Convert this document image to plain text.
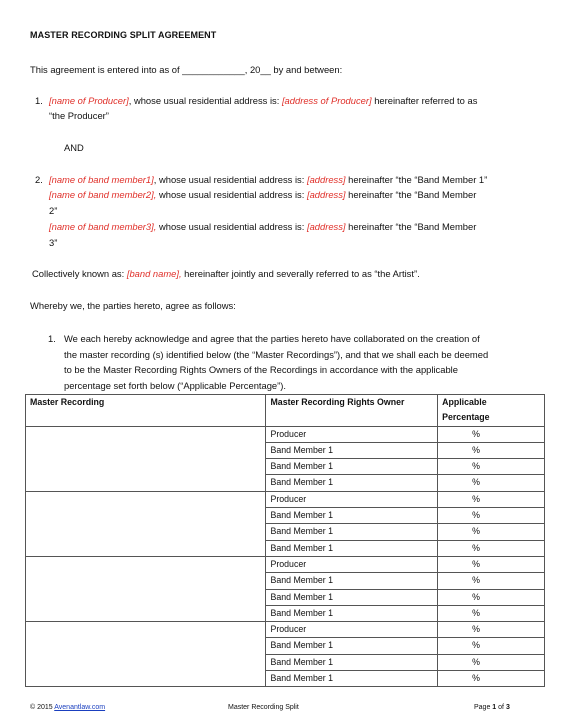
MASTER RECORDING SPLIT AGREEMENT
This agreement is entered into as of ____________, 20__ by and between:
1. [name of Producer], whose usual residential address is: [address of Producer] hereinafter referred to as
“the Producer”
AND
2. [name of band member1], whose usual residential address is: [address] hereinafter “the “Band Member 1”
[name of band member2], whose usual residential address is: [address] hereinafter “the “Band Member
2”
[name of band member3], whose usual residential address is: [address] hereinafter “the “Band Member
3”
Collectively known as: [band name], hereinafter jointly and severally referred to as “the Artist”.
Whereby we, the parties hereto, agree as follows:
1. We each hereby acknowledge and agree that the parties hereto have collaborated on the creation of
the master recording (s) identified below (the “Master Recordings”), and that we shall each be deemed
to be the Master Recording Rights Owners of the Recordings in accordance with the applicable
percentage set forth below (“Applicable Percentage”).
Master Recording	Master Recording Rights Owner	Applicable
		Percentage
	Producer	%
	Band Member 1	%
	Band Member 1	%
	Band Member 1	%
	Producer	%
	Band Member 1	%
	Band Member 1	%
	Band Member 1	%
	Producer	%
	Band Member 1	%
	Band Member 1	%
	Band Member 1	%
	Producer	%
	Band Member 1	%
	Band Member 1	%
	Band Member 1	%
© 2015 Avenantlaw.com	Master Recording Split	Page 1 of 3
